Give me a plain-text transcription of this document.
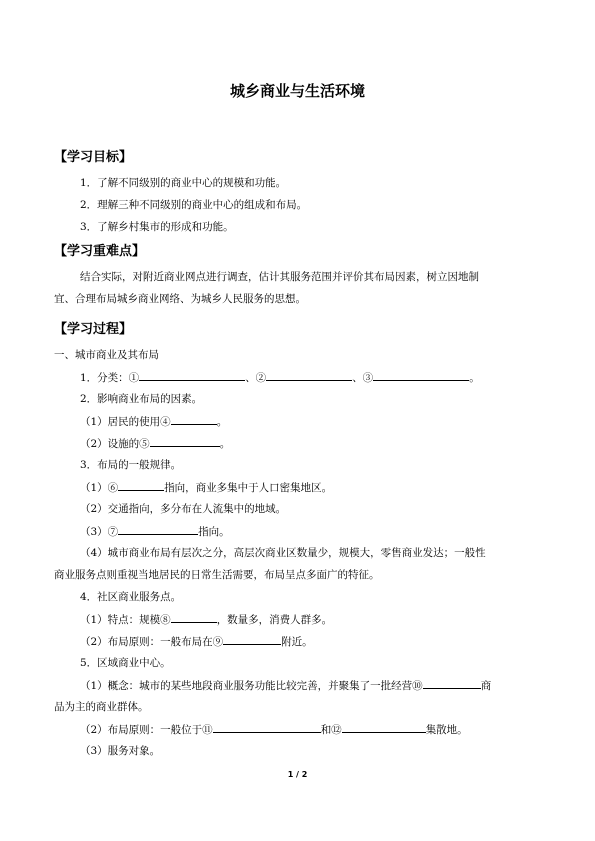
城乡商业与生活环境
【学习目标】
1．了解不同级别的商业中心的规模和功能。
2．理解三种不同级别的商业中心的组成和布局。
3．了解乡村集市的形成和功能。
【学习重难点】
结合实际，对附近商业网点进行调查，估计其服务范围并评价其布局因素，树立因地制
宜、合理布局城乡商业网络、为城乡人民服务的思想。
【学习过程】
一、城市商业及其布局
1．分类：①	、②	、③	。
2．影响商业布局的因素。
（1）居民的使用④	。
（2）设施的⑤	。
3．布局的一般规律。
（1）⑥	指向，商业多集中于人口密集地区。
（2）交通指向，多分布在人流集中的地域。
（3）⑦	指向。
（4）城市商业布局有层次之分，高层次商业区数量少，规模大，零售商业发达；一般性
商业服务点则重视当地居民的日常生活需要，布局呈点多面广的特征。
4．社区商业服务点。
（1）特点：规模⑧	，数量多，消费人群多。
（2）布局原则：一般布局在⑨	附近。
5．区域商业中心。
（1）概念：城市的某些地段商业服务功能比较完善，并聚集了一批经营⑩	商
品为主的商业群体。
（2）布局原则：一般位于⑪	和⑫	集散地。
（3）服务对象。
1 / 2
